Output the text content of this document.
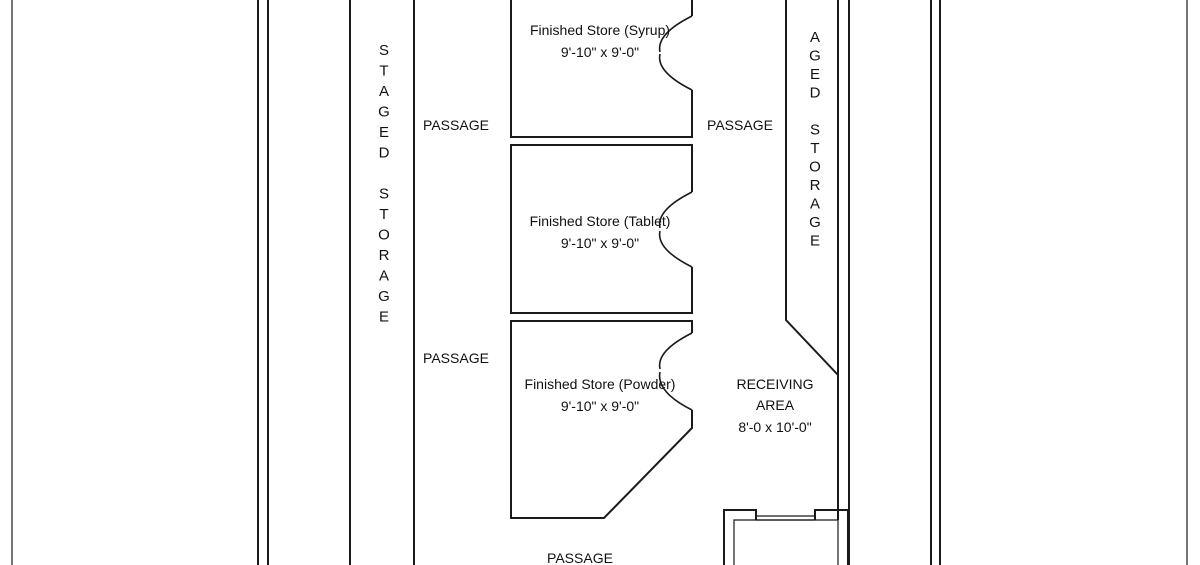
Finished Store (Syrup)
9'-10" x 9'-0"
Finished Store (Tablet)
9'-10" x 9'-0"
Finished Store (Powder)
9'-10" x 9'-0"
RECEIVING
AREA
8'-0 x 10'-0"
PASSAGE	PASSAGE
PASSAGE
PASSAGE
S
T
A
G
E
D
S
T
O
R
A
G
E
A
G
E
D
S
T
O
R
A
G
E
